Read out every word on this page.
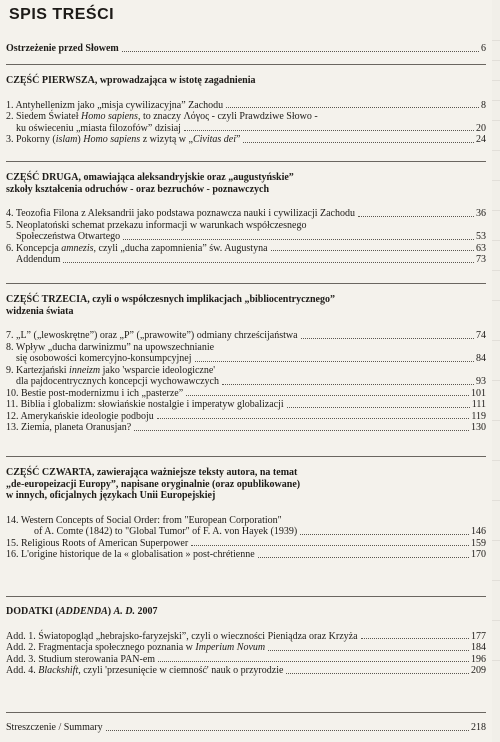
SPIS TREŚCI
Ostrzeżenie przed Słowem	6

CZĘŚĆ PIERWSZA, wprowadzająca w istotę zagadnienia

1. Antyhellenizm jako „misja cywilizacyjna” Zachodu	8
2. Siedem Świateł Homo sapiens, to znaczy Λόγος - czyli Prawdziwe Słowo -
ku oświeceniu „miasta filozofów” dzisiaj	20
3. Pokorny (islam) Homo sapiens z wizytą w „Civitas dei”	24

CZĘŚĆ DRUGA, omawiająca aleksandryjskie oraz „augustyńskie”

szkoły kształcenia odruchów - oraz bezruchów - poznawczych

4. Teozofia Filona z Aleksandrii jako podstawa poznawcza nauki i cywilizacji Zachodu	36
5. Neoplatoński schemat przekazu informacji w warunkach współczesnego
Społeczeństwa Otwartego	53
6. Koncepcja amnezis, czyli „ducha zapomnienia” św. Augustyna	63
Addendum	73

CZĘŚĆ TRZECIA, czyli o współczesnych implikacjach „bibliocentrycznego”

widzenia świata

7. „L” („lewoskrętne”) oraz „P” („prawowite”) odmiany chrześcijaństwa	74
8. Wpływ „ducha darwinizmu” na upowszechnianie
się osobowości komercyjno-konsumpcyjnej	84
9. Kartezjański inneizm jako 'wsparcie ideologiczne'
dla pajdocentrycznych koncepcji wychowawczych	93
10. Bestie post-modernizmu i ich „pasterze”	101
11. Biblia i globalizm: słowiańskie nostalgie i imperatyw globalizacji	111
12. Amerykańskie ideologie podboju	119
13. Ziemia, planeta Oranusjan?	130

CZĘŚĆ CZWARTA, zawierająca ważniejsze teksty autora, na temat

„de-europeizacji Europy”, napisane oryginalnie (oraz opublikowane)

w innych, oficjalnych językach Unii Europejskiej

14. Western Concepts of Social Order: from "European Corporation"
of A. Comte (1842) to "Global Tumor" of F. A. von Hayek (1939)	146
15. Religious Roots of American Superpower	159
16. L'origine historique de la « globalisation » post-chrétienne	170

DODATKI (ADDENDA) A. D. 2007

Add. 1. Światopogląd „hebrajsko-faryzejski”, czyli o wieczności Pieniądza oraz Krzyża	177
Add. 2. Fragmentacja społecznego poznania w Imperium Novum	184
Add. 3. Studium sterowania PAN-em	196
Add. 4. Blackshift, czyli 'przesunięcie w ciemność' nauk o przyrodzie	209
Streszczenie / Summary	218
